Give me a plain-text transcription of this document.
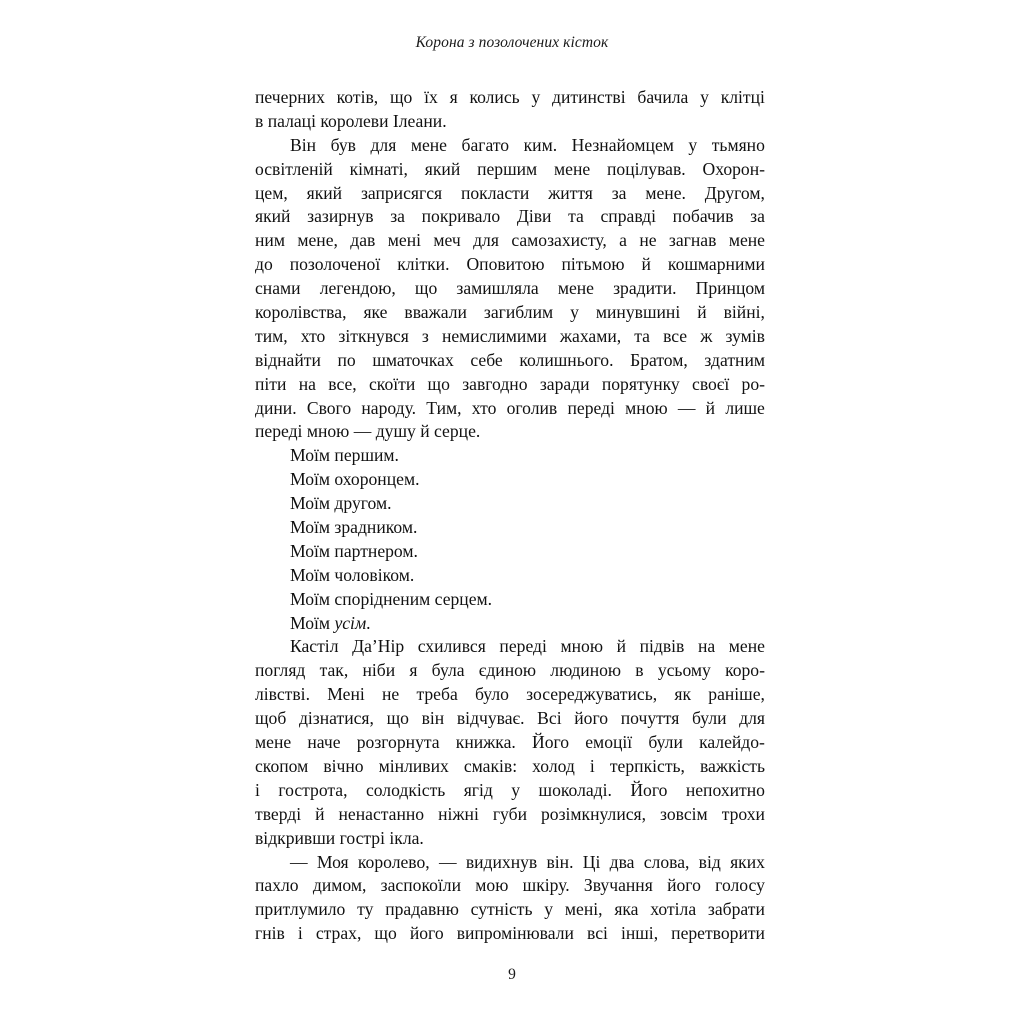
Корона з позолочених кісток
печерних котів, що їх я колись у дитинстві бачила у клітці
в палаці королеви Ілеани.
Він був для мене багато ким. Незнайомцем у тьмяно
освітленій кімнаті, який першим мене поцілував. Охорон-
цем, який заприсягся покласти життя за мене. Другом,
який зазирнув за покривало Діви та справді побачив за
ним мене, дав мені меч для самозахисту, а не загнав мене
до позолоченої клітки. Оповитою пітьмою й кошмарними
снами легендою, що замишляла мене зрадити. Принцом
королівства, яке вважали загиблим у минувшині й війні,
тим, хто зіткнувся з немислимими жахами, та все ж зумів
віднайти по шматочках себе колишнього. Братом, здатним
піти на все, скоїти що завгодно заради порятунку своєї ро-
дини. Свого народу. Тим, хто оголив переді мною — й лише
переді мною — душу й серце.
Моїм першим.
Моїм охоронцем.
Моїм другом.
Моїм зрадником.
Моїм партнером.
Моїм чоловіком.
Моїм спорідненим серцем.
Моїм усім.
Кастіл Да’Нір схилився переді мною й підвів на мене
погляд так, ніби я була єдиною людиною в усьому коро-
лівстві. Мені не треба було зосереджуватись, як раніше,
щоб дізнатися, що він відчуває. Всі його почуття були для
мене наче розгорнута книжка. Його емоції були калейдо-
скопом вічно мінливих смаків: холод і терпкість, важкість
і гострота, солодкість ягід у шоколаді. Його непохитно
тверді й ненастанно ніжні губи розімкнулися, зовсім трохи
відкривши гострі ікла.
— Моя королево, — видихнув він. Ці два слова, від яких
пахло димом, заспокоїли мою шкіру. Звучання його голосу
притлумило ту прадавню сутність у мені, яка хотіла забрати
гнів і страх, що його випромінювали всі інші, перетворити
9
